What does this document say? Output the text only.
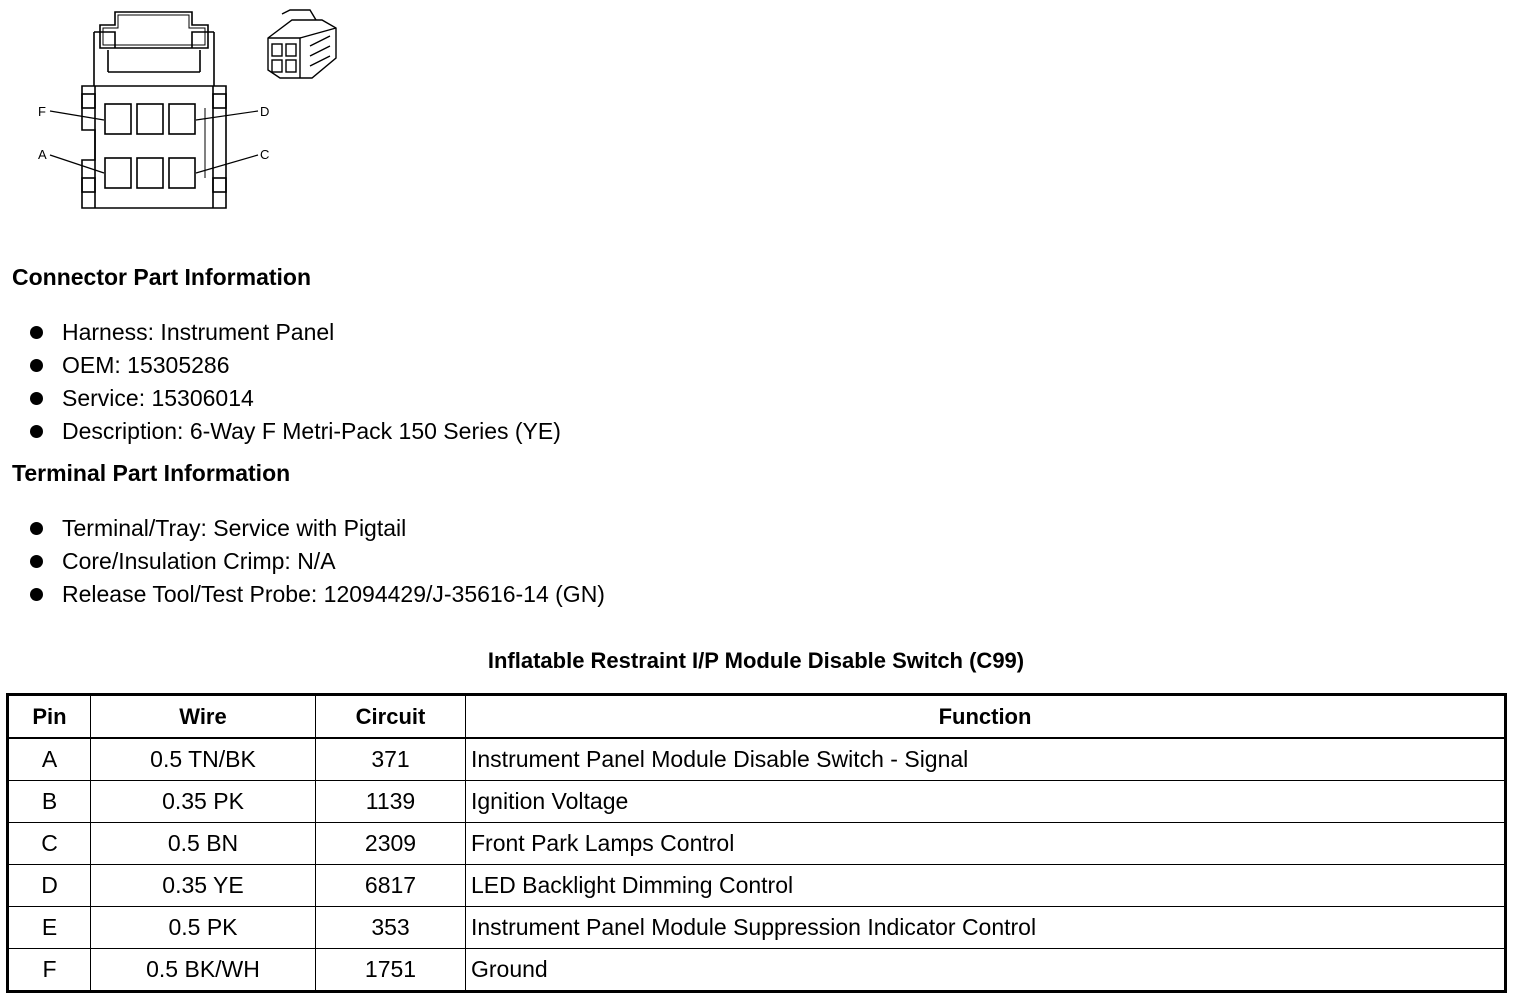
F	D
A	C
Connector Part Information
Harness: Instrument Panel
OEM: 15305286
Service: 15306014
Description: 6-Way F Metri-Pack 150 Series (YE)
Terminal Part Information
Terminal/Tray: Service with Pigtail
Core/Insulation Crimp: N/A
Release Tool/Test Probe: 12094429/J-35616-14 (GN)
Inflatable Restraint I/P Module Disable Switch (C99)
Pin	Wire	Circuit	Function
A	0.5 TN/BK	371	Instrument Panel Module Disable Switch - Signal
B	0.35 PK	1139	Ignition Voltage
C	0.5 BN	2309	Front Park Lamps Control
D	0.35 YE	6817	LED Backlight Dimming Control
E	0.5 PK	353	Instrument Panel Module Suppression Indicator Control
F	0.5 BK/WH	1751	Ground
